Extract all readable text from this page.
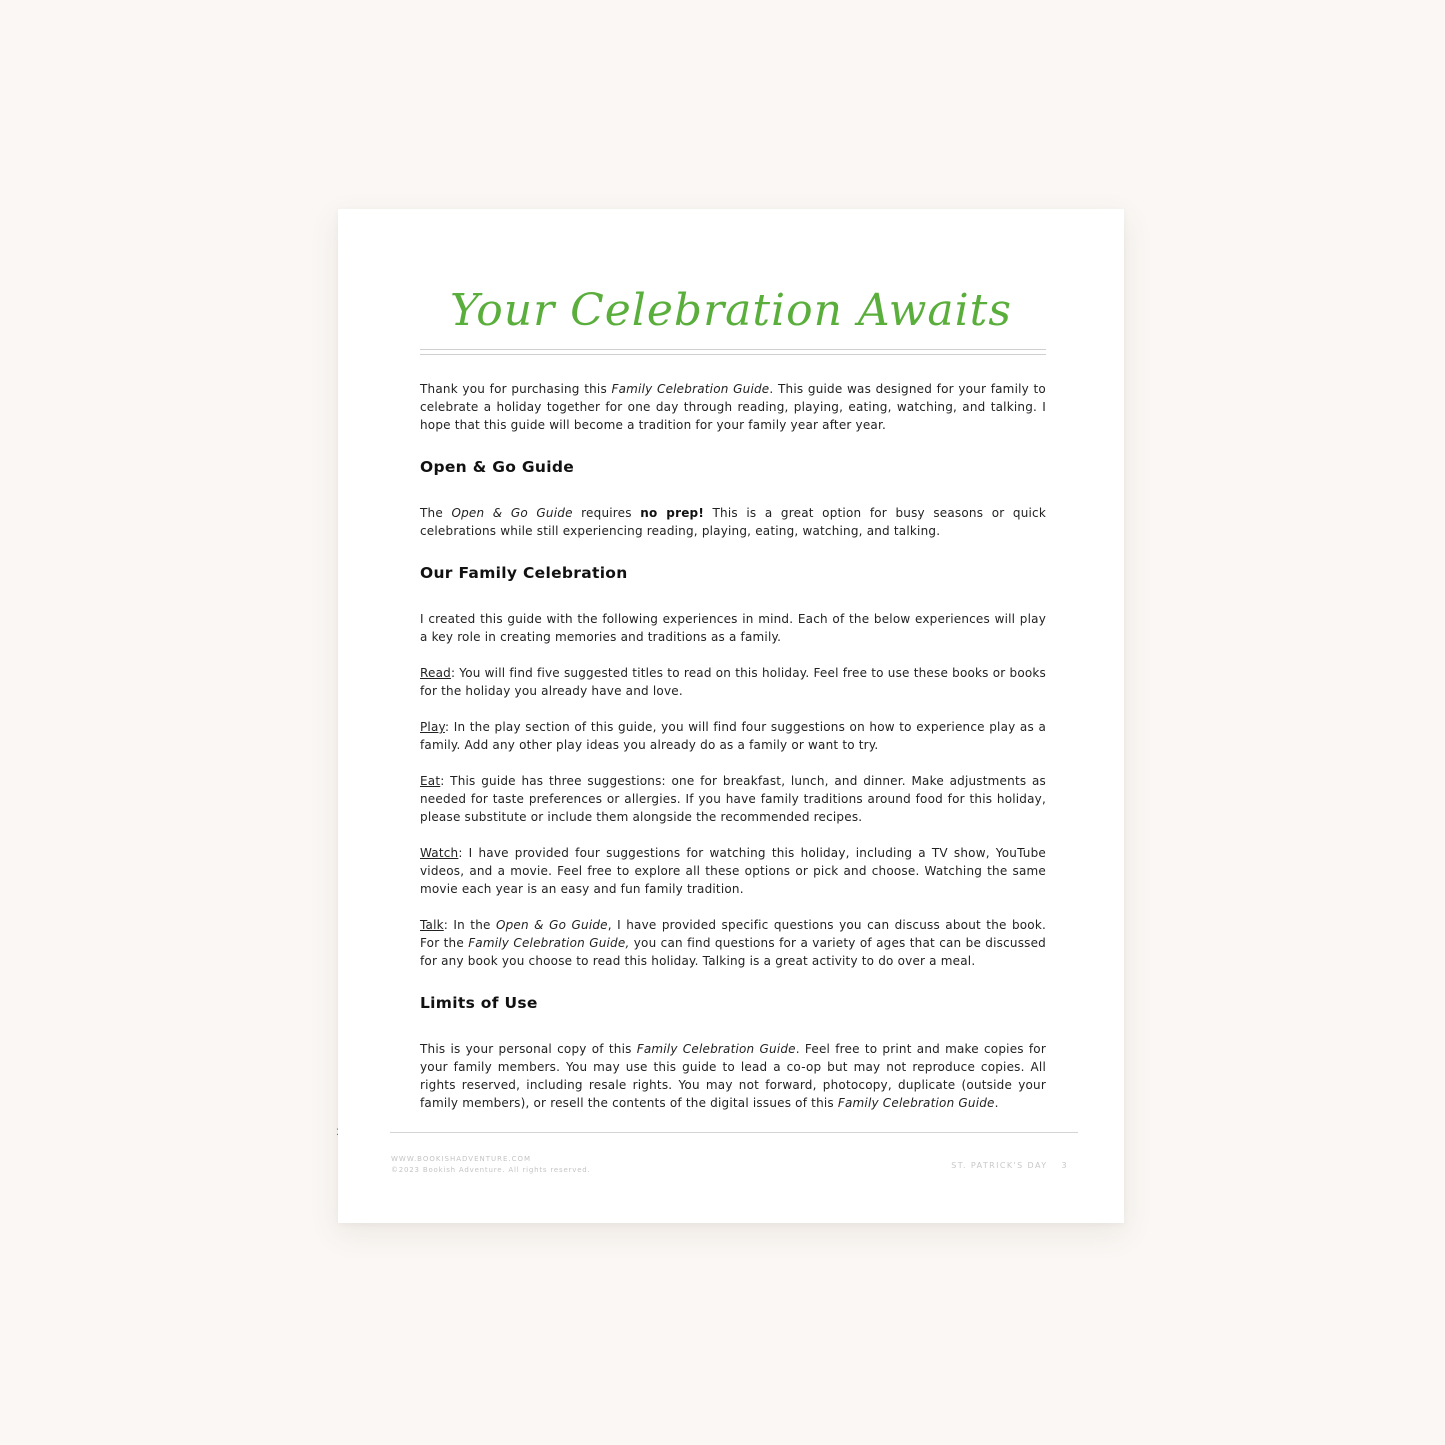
Your Celebration Awaits

Thank you for purchasing this Family Celebration Guide. This guide was designed for your family to celebrate a holiday together for one day through reading, playing, eating, watching, and talking. I hope that this guide will become a tradition for your family year after year.

Open & Go Guide

The Open & Go Guide requires no prep! This is a great option for busy seasons or quick celebrations while still experiencing reading, playing, eating, watching, and talking.

Our Family Celebration

I created this guide with the following experiences in mind. Each of the below experiences will play a key role in creating memories and traditions as a family.

Read: You will find five suggested titles to read on this holiday. Feel free to use these books or books for the holiday you already have and love.

Play: In the play section of this guide, you will find four suggestions on how to experience play as a family. Add any other play ideas you already do as a family or want to try.

Eat: This guide has three suggestions: one for breakfast, lunch, and dinner. Make adjustments as needed for taste preferences or allergies. If you have family traditions around food for this holiday, please substitute or include them alongside the recommended recipes.

Watch: I have provided four suggestions for watching this holiday, including a TV show, YouTube videos, and a movie. Feel free to explore all these options or pick and choose. Watching the same movie each year is an easy and fun family tradition.

Talk: In the Open & Go Guide, I have provided specific questions you can discuss about the book. For the Family Celebration Guide, you can find questions for a variety of ages that can be discussed for any book you choose to read this holiday. Talking is a great activity to do over a meal.

Limits of Use

This is your personal copy of this Family Celebration Guide. Feel free to print and make copies for your family members. You may use this guide to lead a co-op but may not reproduce copies. All rights reserved, including resale rights. You may not forward, photocopy, duplicate (outside your family members), or resell the contents of the digital issues of this Family Celebration Guide.

⁚
WWW.BOOKISHADVENTURE.COM
©2023 Bookish Adventure. All rights reserved.	ST. PATRICK'S DAY 3
